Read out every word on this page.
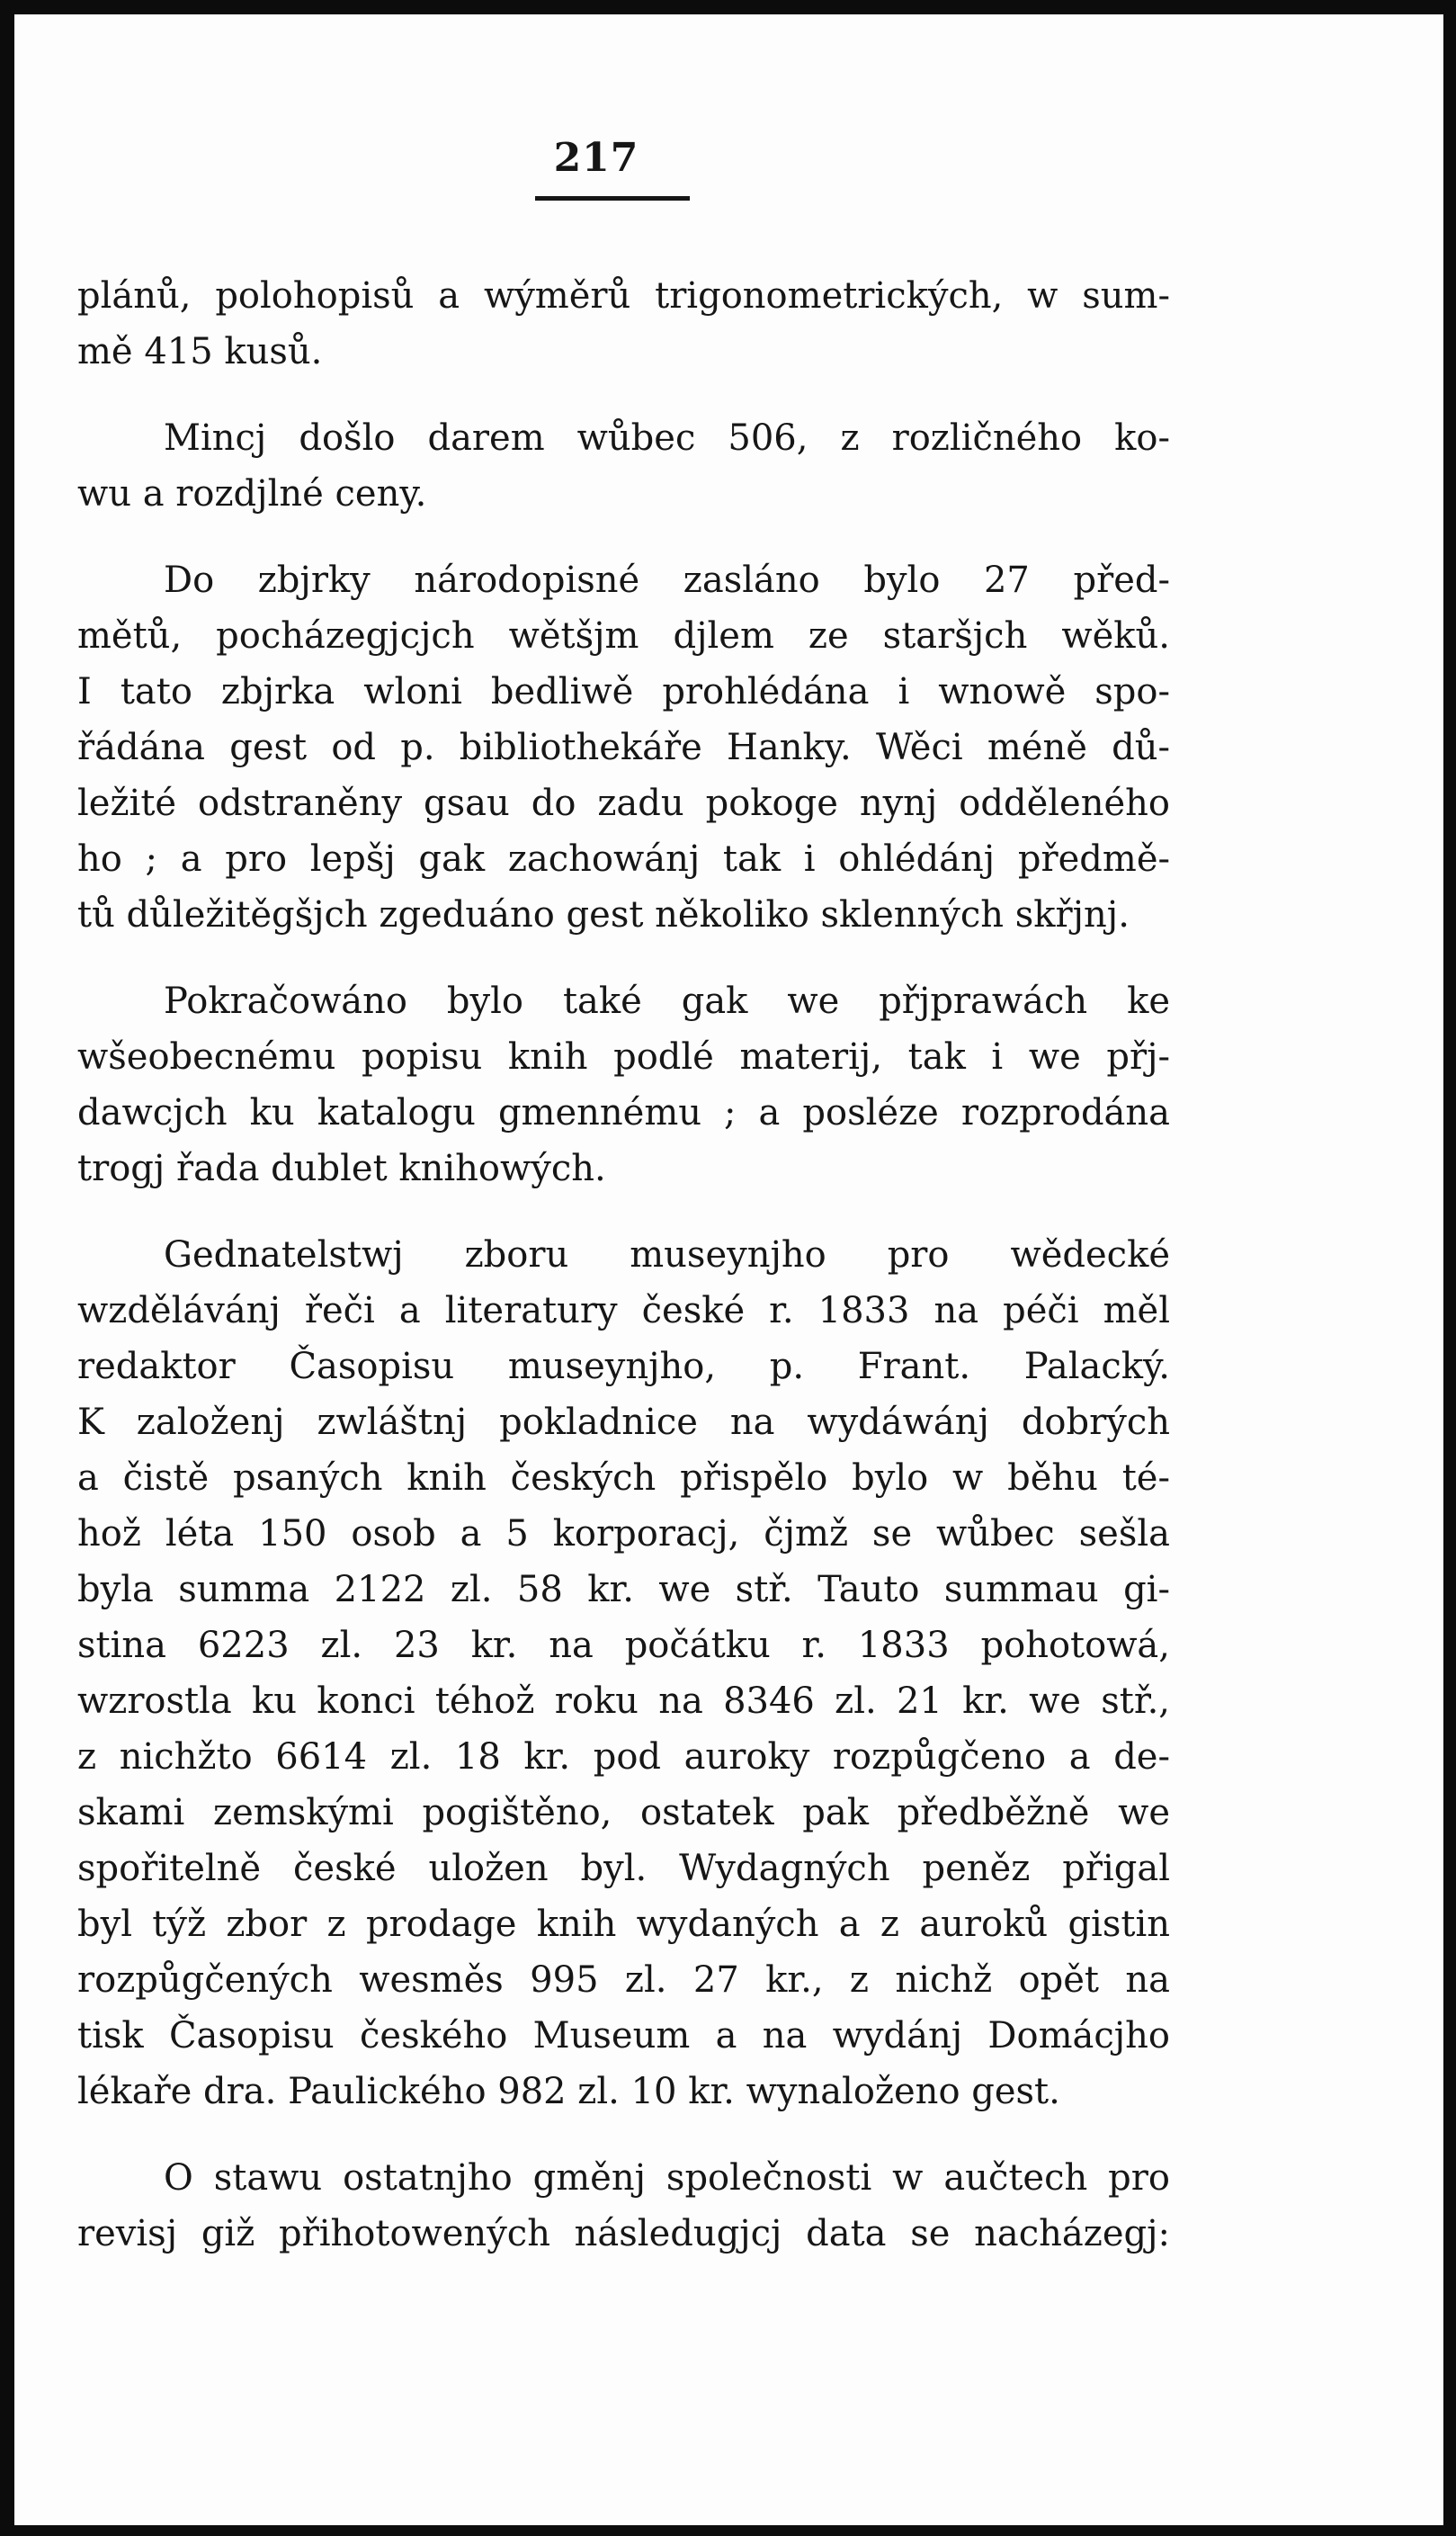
217
plánů, polohopisů a wýměrů trigonometrických, w sum-
mě 415 kusů.
Mincj došlo darem wůbec 506, z rozličného ko-
wu a rozdjlné ceny.
Do zbjrky národopisné zasláno bylo 27 před-
mětů, pocházegjcjch wětšjm djlem ze staršjch wěků.
I tato zbjrka wloni bedliwě prohlédána i wnowě spo-
řádána gest od p. bibliothekáře Hanky. Wěci méně dů-
ležité odstraněny gsau do zadu pokoge nynj odděleného
ho ; a pro lepšj gak zachowánj tak i ohlédánj předmě-
tů důležitěgšjch zgeduáno gest několiko sklenných skřjnj.
Pokračowáno bylo také gak we přjprawách ke
wšeobecnému popisu knih podlé materij, tak i we přj-
dawcjch ku katalogu gmennému ; a posléze rozprodána
trogj řada dublet knihowých.
Gednatelstwj zboru museynjho pro wědecké
wzdělávánj řeči a literatury české r. 1833 na péči měl
redaktor Časopisu museynjho, p. Frant. Palacký.
K založenj zwláštnj pokladnice na wydáwánj dobrých
a čistě psaných knih českých přispělo bylo w běhu té-
hož léta 150 osob a 5 korporacj, čjmž se wůbec sešla
byla summa 2122 zl. 58 kr. we stř. Tauto summau gi-
stina 6223 zl. 23 kr. na počátku r. 1833 pohotowá,
wzrostla ku konci téhož roku na 8346 zl. 21 kr. we stř.,
z nichžto 6614 zl. 18 kr. pod auroky rozpůgčeno a de-
skami zemskými pogištěno, ostatek pak předběžně we
spořitelně české uložen byl. Wydagných peněz přigal
byl týž zbor z prodage knih wydaných a z auroků gistin
rozpůgčených wesměs 995 zl. 27 kr., z nichž opět na
tisk Časopisu českého Museum a na wydánj Domácjho
lékaře dra. Paulického 982 zl. 10 kr. wynaloženo gest.
O stawu ostatnjho gměnj společnosti w aučtech pro
revisj giž přihotowených následugjcj data se nacházegj:
